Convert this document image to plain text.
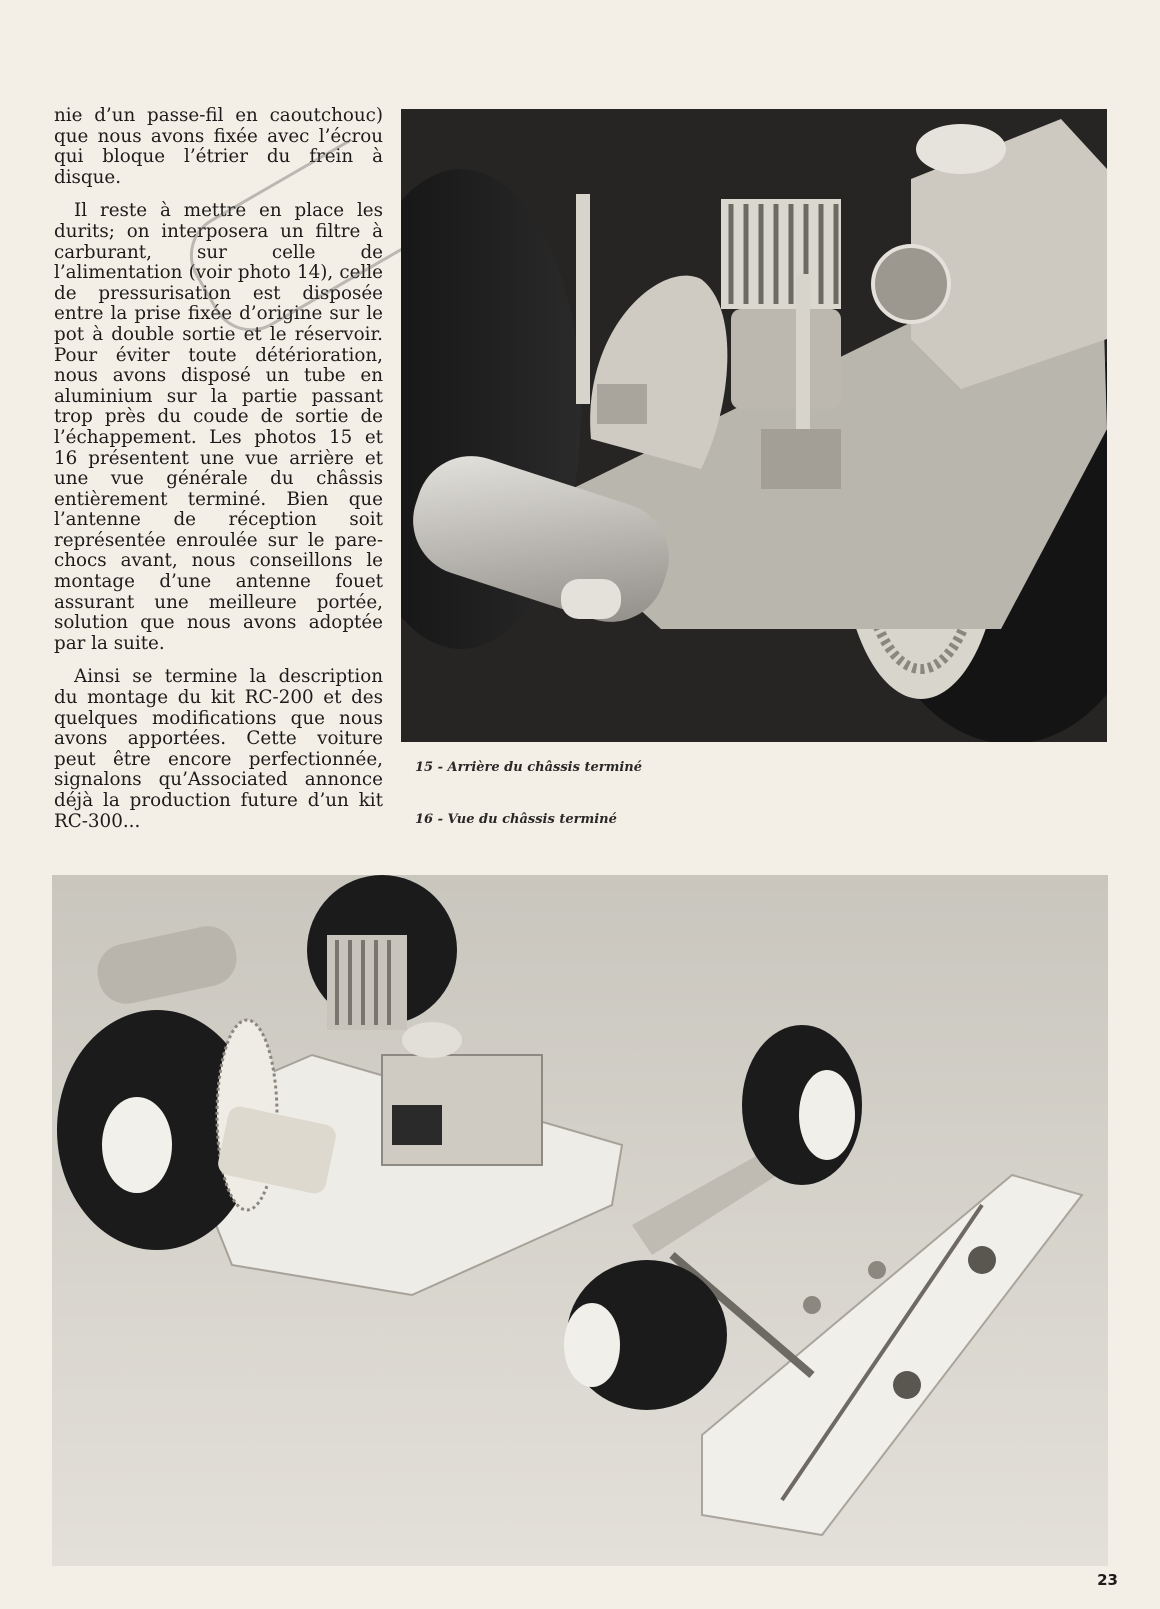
nie d’un passe-fil en caoutchouc) que nous avons fixée avec l’écrou qui bloque l’étrier du frein à disque.

Il reste à mettre en place les durits; on interposera un filtre à carburant, sur celle de l’alimentation (voir photo 14), celle de pressurisation est disposée entre la prise fixée d’origine sur le pot à double sortie et le réservoir. Pour éviter toute détérioration, nous avons disposé un tube en aluminium sur la partie passant trop près du coude de sortie de l’échappement. Les photos 15 et 16 présentent une vue arrière et une vue générale du châssis entièrement terminé. Bien que l’antenne de réception soit représentée enroulée sur le pare-chocs avant, nous conseillons le montage d’une antenne fouet assurant une meilleure portée, solution que nous avons adoptée par la suite.

Ainsi se termine la description du montage du kit RC-200 et des quelques modifications que nous avons apportées. Cette voiture peut être encore perfectionnée, signalons qu’Associated annonce déjà la production future d’un kit RC-300...

15 - Arrière du châssis terminé
16 - Vue du châssis terminé
23
